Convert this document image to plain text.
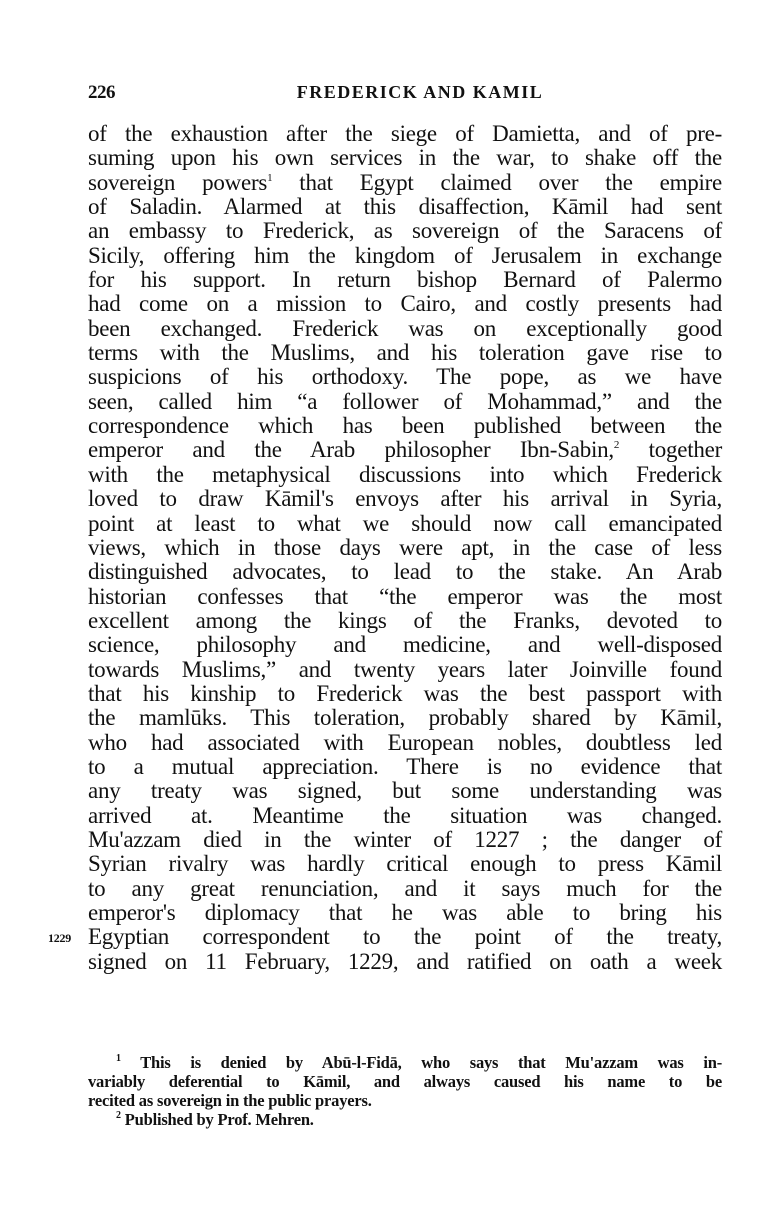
226	FREDERICK AND KAMIL
of the exhaustion after the siege of Damietta, and of pre-
suming upon his own services in the war, to shake off the
sovereign powers$^1$ that Egypt claimed over the empire
of Saladin. Alarmed at this disaffection, Kāmil had sent
an embassy to Frederick, as sovereign of the Saracens of
Sicily, offering him the kingdom of Jerusalem in exchange
for his support. In return bishop Bernard of Palermo
had come on a mission to Cairo, and costly presents had
been exchanged. Frederick was on exceptionally good
terms with the Muslims, and his toleration gave rise to
suspicions of his orthodoxy. The pope, as we have
seen, called him “a follower of Mohammad,” and the
correspondence which has been published between the
emperor and the Arab philosopher Ibn-Sabin,$^2$ together
with the metaphysical discussions into which Frederick
loved to draw Kāmil's envoys after his arrival in Syria,
point at least to what we should now call emancipated
views, which in those days were apt, in the case of less
distinguished advocates, to lead to the stake. An Arab
historian confesses that “the emperor was the most
excellent among the kings of the Franks, devoted to
science, philosophy and medicine, and well-disposed
towards Muslims,” and twenty years later Joinville found
that his kinship to Frederick was the best passport with
the mamlūks. This toleration, probably shared by Kāmil,
who had associated with European nobles, doubtless led
to a mutual appreciation. There is no evidence that
any treaty was signed, but some understanding was
arrived at. Meantime the situation was changed.
Mu'azzam died in the winter of 1227 ; the danger of
Syrian rivalry was hardly critical enough to press Kāmil
to any great renunciation, and it says much for the
emperor's diplomacy that he was able to bring his
1229 Egyptian correspondent to the point of the treaty,
signed on 11 February, 1229, and ratified on oath a week
$^1$ This is denied by Abū-l-Fidā, who says that Mu'azzam was in-
variably deferential to Kāmil, and always caused his name to be
recited as sovereign in the public prayers.
$^2$ Published by Prof. Mehren.
